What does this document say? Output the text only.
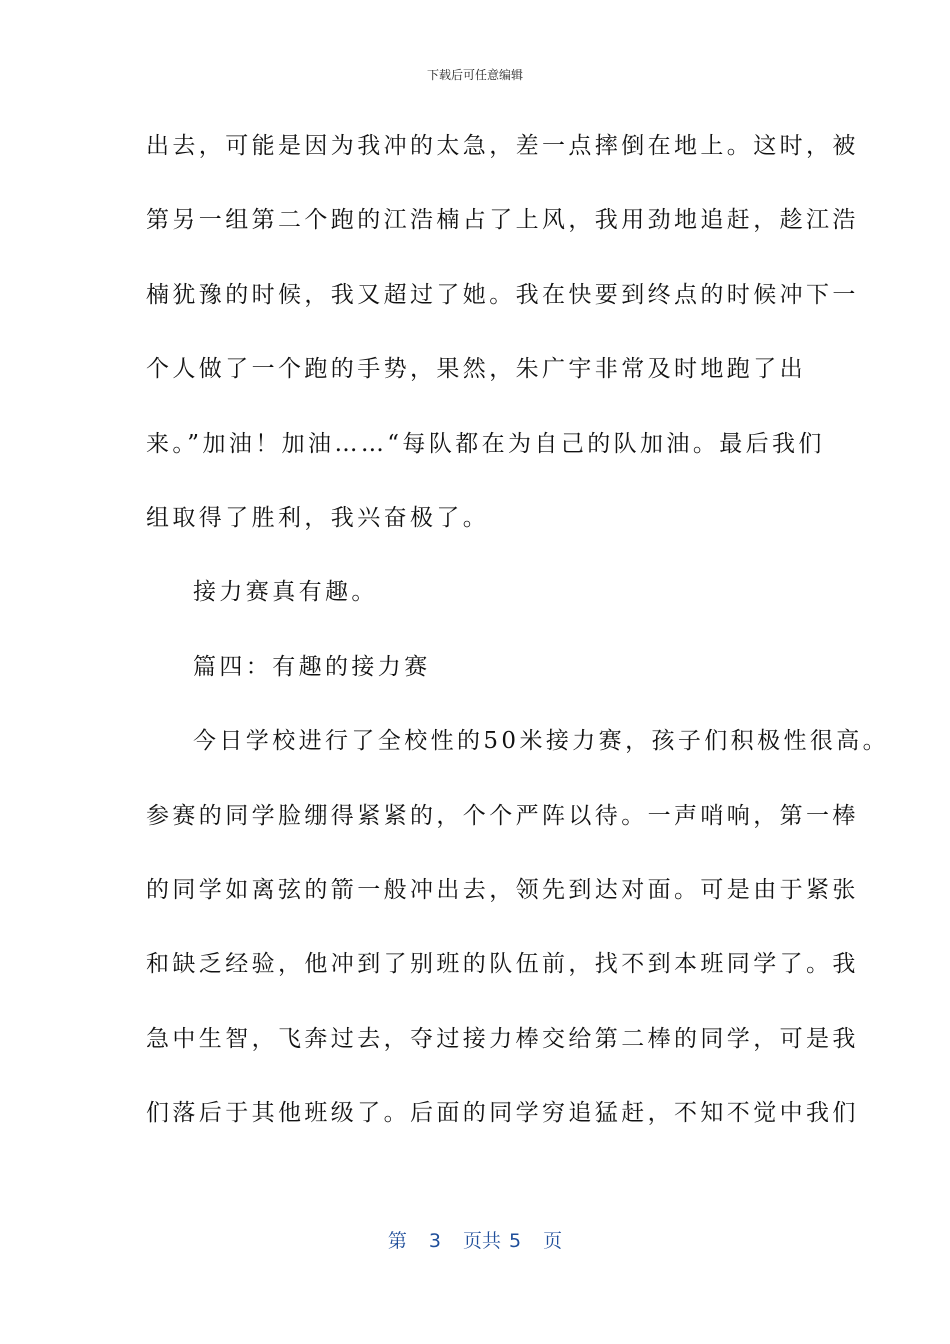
下载后可任意编辑
出去，可能是因为我冲的太急，差一点摔倒在地上。这时，被
第另一组第二个跑的江浩楠占了上风，我用劲地追赶，趁江浩
楠犹豫的时候，我又超过了她。我在快要到终点的时候冲下一
个人做了一个跑的手势，果然，朱广宇非常及时地跑了出
来。”加油！加油……“每队都在为自己的队加油。最后我们
组取得了胜利，我兴奋极了。
接力赛真有趣。
篇四：有趣的接力赛
今日学校进行了全校性的50米接力赛，孩子们积极性很高。
参赛的同学脸绷得紧紧的，个个严阵以待。一声哨响，第一棒
的同学如离弦的箭一般冲出去，领先到达对面。可是由于紧张
和缺乏经验，他冲到了别班的队伍前，找不到本班同学了。我
急中生智，飞奔过去，夺过接力棒交给第二棒的同学，可是我
们落后于其他班级了。后面的同学穷追猛赶，不知不觉中我们
第 3 页共 5 页
